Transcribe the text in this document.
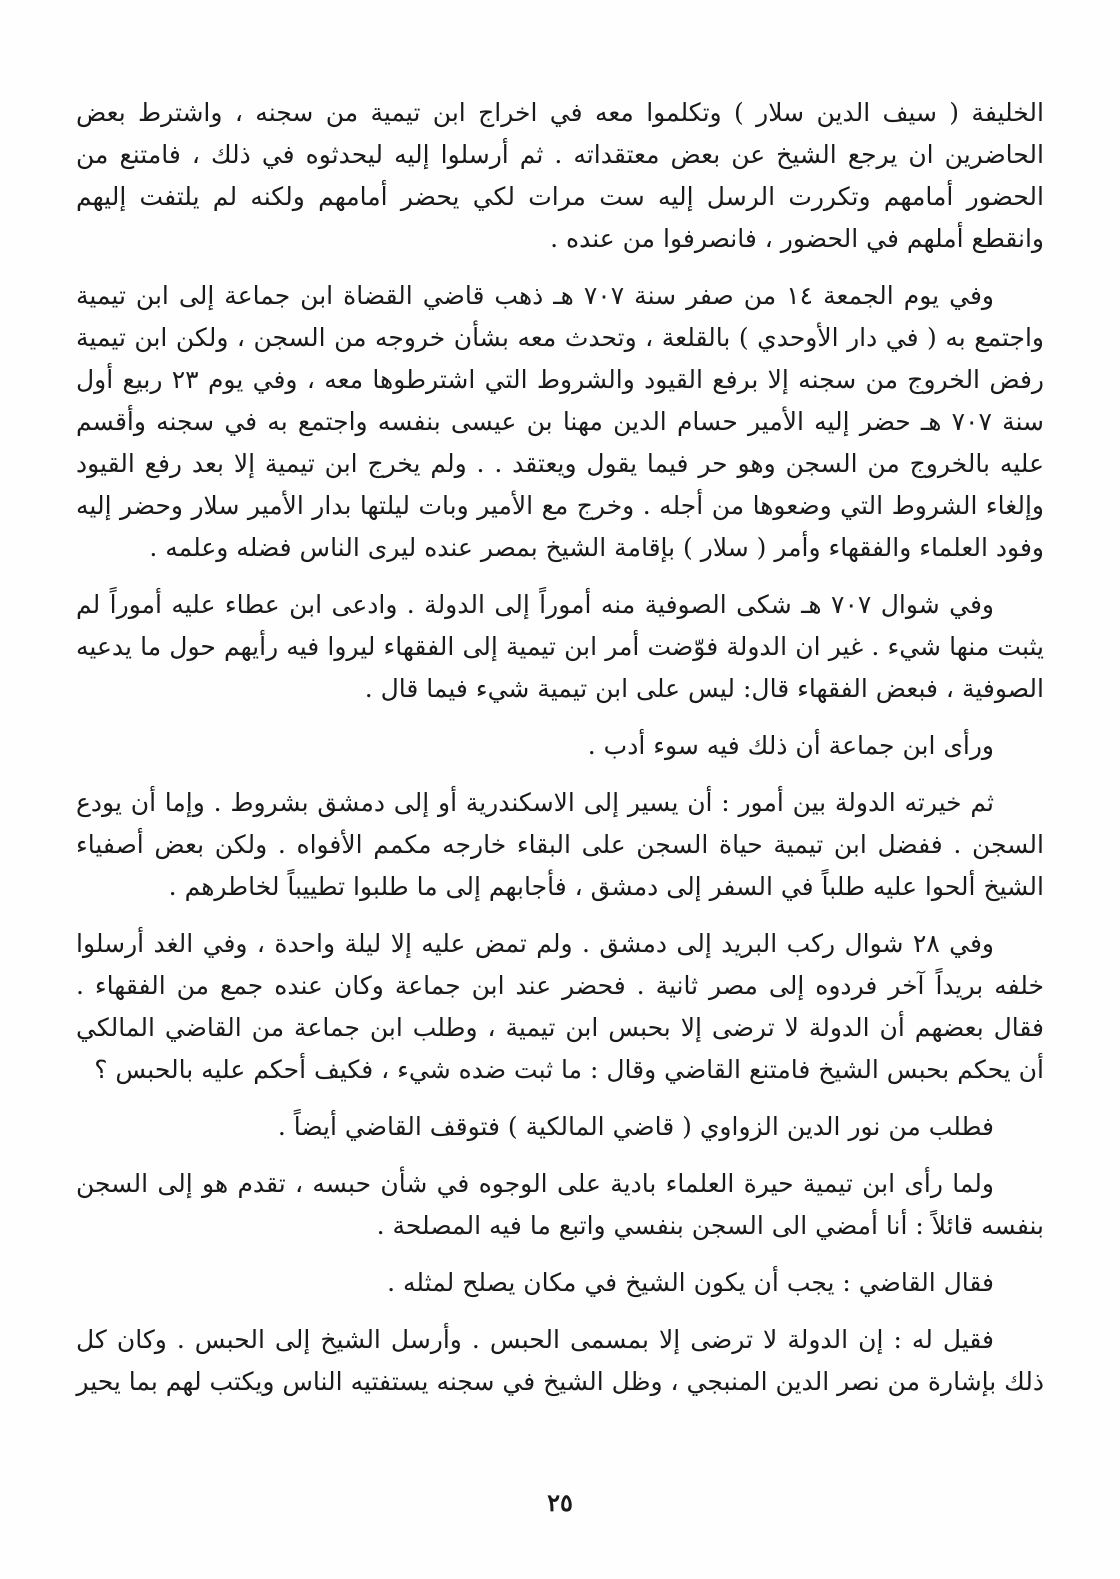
الخليفة ( سيف الدين سلار ) وتكلموا معه في اخراج ابن تيمية من سجنه ، واشترط بعض الحاضرين ان يرجع الشيخ عن بعض معتقداته . ثم أرسلوا إليه ليحدثوه في ذلك ، فامتنع من الحضور أمامهم وتكررت الرسل إليه ست مرات لكي يحضر أمامهم ولكنه لم يلتفت إليهم وانقطع أملهم في الحضور ، فانصرفوا من عنده .

وفي يوم الجمعة ١٤ من صفر سنة ٧٠٧ هـ ذهب قاضي القضاة ابن جماعة إلى ابن تيمية واجتمع به ( في دار الأوحدي ) بالقلعة ، وتحدث معه بشأن خروجه من السجن ، ولكن ابن تيمية رفض الخروج من سجنه إلا برفع القيود والشروط التي اشترطوها معه ، وفي يوم ٢٣ ربيع أول سنة ٧٠٧ هـ حضر إليه الأمير حسام الدين مهنا بن عيسى بنفسه واجتمع به في سجنه وأقسم عليه بالخروج من السجن وهو حر فيما يقول ويعتقد . . ولم يخرج ابن تيمية إلا بعد رفع القيود وإلغاء الشروط التي وضعوها من أجله . وخرج مع الأمير وبات ليلتها بدار الأمير سلار وحضر إليه وفود العلماء والفقهاء وأمر ( سلار ) بإقامة الشيخ بمصر عنده ليرى الناس فضله وعلمه .

وفي شوال ٧٠٧ هـ شكى الصوفية منه أموراً إلى الدولة . وادعى ابن عطاء عليه أموراً لم يثبت منها شيء . غير ان الدولة فوّضت أمر ابن تيمية إلى الفقهاء ليروا فيه رأيهم حول ما يدعيه الصوفية ، فبعض الفقهاء قال: ليس على ابن تيمية شيء فيما قال .

ورأى ابن جماعة أن ذلك فيه سوء أدب .

ثم خيرته الدولة بين أمور : أن يسير إلى الاسكندرية أو إلى دمشق بشروط . وإما أن يودع السجن . ففضل ابن تيمية حياة السجن على البقاء خارجه مكمم الأفواه . ولكن بعض أصفياء الشيخ ألحوا عليه طلباً في السفر إلى دمشق ، فأجابهم إلى ما طلبوا تطييباً لخاطرهم .

وفي ٢٨ شوال ركب البريد إلى دمشق . ولم تمض عليه إلا ليلة واحدة ، وفي الغد أرسلوا خلفه بريداً آخر فردوه إلى مصر ثانية . فحضر عند ابن جماعة وكان عنده جمع من الفقهاء . فقال بعضهم أن الدولة لا ترضى إلا بحبس ابن تيمية ، وطلب ابن جماعة من القاضي المالكي أن يحكم بحبس الشيخ فامتنع القاضي وقال : ما ثبت ضده شيء ، فكيف أحكم عليه بالحبس ؟

فطلب من نور الدين الزواوي ( قاضي المالكية ) فتوقف القاضي أيضاً .

ولما رأى ابن تيمية حيرة العلماء بادية على الوجوه في شأن حبسه ، تقدم هو إلى السجن بنفسه قائلاً : أنا أمضي الى السجن بنفسي واتبع ما فيه المصلحة .

فقال القاضي : يجب أن يكون الشيخ في مكان يصلح لمثله .

فقيل له : إن الدولة لا ترضى إلا بمسمى الحبس . وأرسل الشيخ إلى الحبس . وكان كل ذلك بإشارة من نصر الدين المنبجي ، وظل الشيخ في سجنه يستفتيه الناس ويكتب لهم بما يحير

٢٥
